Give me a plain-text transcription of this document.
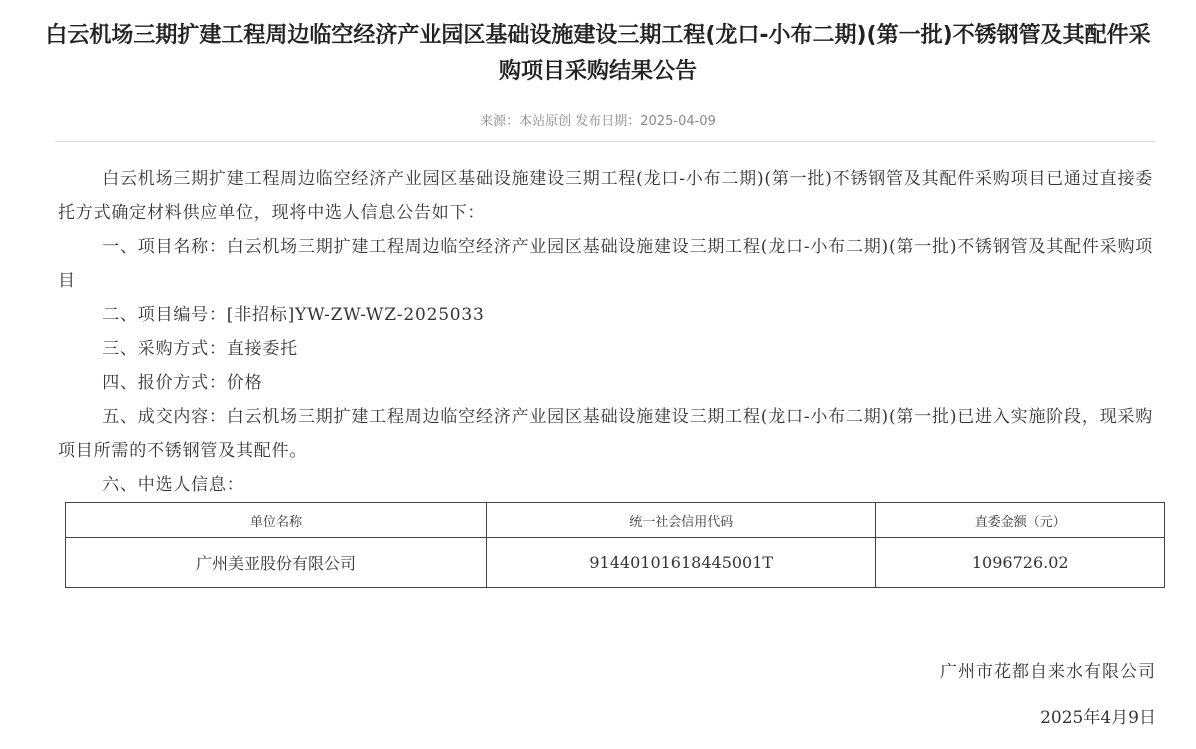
白云机场三期扩建工程周边临空经济产业园区基础设施建设三期工程(龙口-小布二期)(第一批)不锈钢管及其配件采购项目采购结果公告
来源：本站原创 发布日期：2025-04-09

白云机场三期扩建工程周边临空经济产业园区基础设施建设三期工程(龙口-小布二期)(第一批)不锈钢管及其配件采购项目已通过直接委托方式确定材料供应单位，现将中选人信息公告如下：

一、项目名称：白云机场三期扩建工程周边临空经济产业园区基础设施建设三期工程(龙口-小布二期)(第一批)不锈钢管及其配件采购项目

二、项目编号：[非招标]YW-ZW-WZ-2025033

三、采购方式：直接委托

四、报价方式：价格

五、成交内容：白云机场三期扩建工程周边临空经济产业园区基础设施建设三期工程(龙口-小布二期)(第一批)已进入实施阶段，现采购项目所需的不锈钢管及其配件。

六、中选人信息：

单位名称	统一社会信用代码	直委金额（元）
广州美亚股份有限公司	91440101618445001T	1096726.02
广州市花都自来水有限公司
2025年4月9日
